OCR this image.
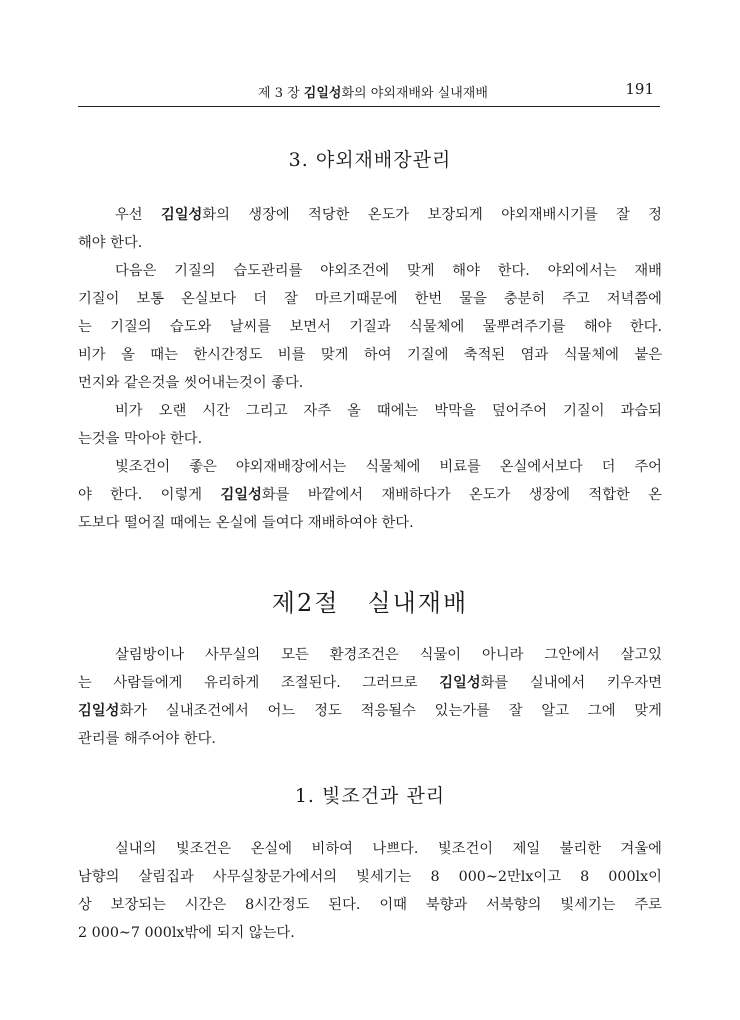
제 3 장 김일성화의 야외재배와 실내재배	191
3. 야외재배장관리
우선 김일성화의 생장에 적당한 온도가 보장되게 야외재배시기를 잘 정
해야 한다.
다음은 기질의 습도관리를 야외조건에 맞게 해야 한다. 야외에서는 재배
기질이 보통 온실보다 더 잘 마르기때문에 한번 물을 충분히 주고 저녁쯤에
는 기질의 습도와 날씨를 보면서 기질과 식물체에 물뿌려주기를 해야 한다.
비가 올 때는 한시간정도 비를 맞게 하여 기질에 축적된 염과 식물체에 붙은
먼지와 같은것을 씻어내는것이 좋다.
비가 오랜 시간 그리고 자주 올 때에는 박막을 덮어주어 기질이 과습되
는것을 막아야 한다.
빛조건이 좋은 야외재배장에서는 식물체에 비료를 온실에서보다 더 주어
야 한다. 이렇게 김일성화를 바깥에서 재배하다가 온도가 생장에 적합한 온
도보다 떨어질 때에는 온실에 들여다 재배하여야 한다.
제2절 실내재배
살림방이나 사무실의 모든 환경조건은 식물이 아니라 그안에서 살고있
는 사람들에게 유리하게 조절된다. 그러므로 김일성화를 실내에서 키우자면
김일성화가 실내조건에서 어느 정도 적응될수 있는가를 잘 알고 그에 맞게
관리를 해주어야 한다.
1. 빛조건과 관리
실내의 빛조건은 온실에 비하여 나쁘다. 빛조건이 제일 불리한 겨울에
남향의 살림집과 사무실창문가에서의 빛세기는 8 000∼2만lx이고 8 000lx이
상 보장되는 시간은 8시간정도 된다. 이때 북향과 서북향의 빛세기는 주로
2 000∼7 000lx밖에 되지 않는다.
